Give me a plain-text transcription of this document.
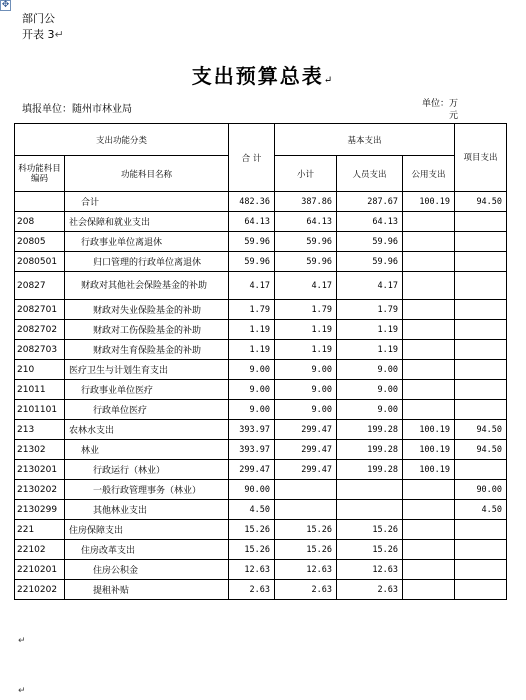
✥
部门公
开表 3↵
支出预算总表↵
填报单位：随州市林业局	单位：万
元
支出功能分类		合 计	基本支出			项目支出
科功能科目编码	功能科目名称		小计	人员支出	公用支出	
	合计	482.36	387.86	287.67	100.19	94.50
208	社会保障和就业支出	64.13	64.13	64.13		
20805	行政事业单位离退休	59.96	59.96	59.96		
2080501	归口管理的行政单位离退休	59.96	59.96	59.96		
20827	财政对其他社会保险基金的补助	4.17	4.17	4.17		
2082701	财政对失业保险基金的补助	1.79	1.79	1.79		
2082702	财政对工伤保险基金的补助	1.19	1.19	1.19		
2082703	财政对生育保险基金的补助	1.19	1.19	1.19		
210	医疗卫生与计划生育支出	9.00	9.00	9.00		
21011	行政事业单位医疗	9.00	9.00	9.00		
2101101	行政单位医疗	9.00	9.00	9.00		
213	农林水支出	393.97	299.47	199.28	100.19	94.50
21302	林业	393.97	299.47	199.28	100.19	94.50
2130201	行政运行（林业）	299.47	299.47	199.28	100.19	
2130202	一般行政管理事务（林业）	90.00				90.00
2130299	其他林业支出	4.50				4.50
221	住房保障支出	15.26	15.26	15.26		
22102	住房改革支出	15.26	15.26	15.26		
2210201	住房公积金	12.63	12.63	12.63		
2210202	提租补贴	2.63	2.63	2.63		
↵
↵
